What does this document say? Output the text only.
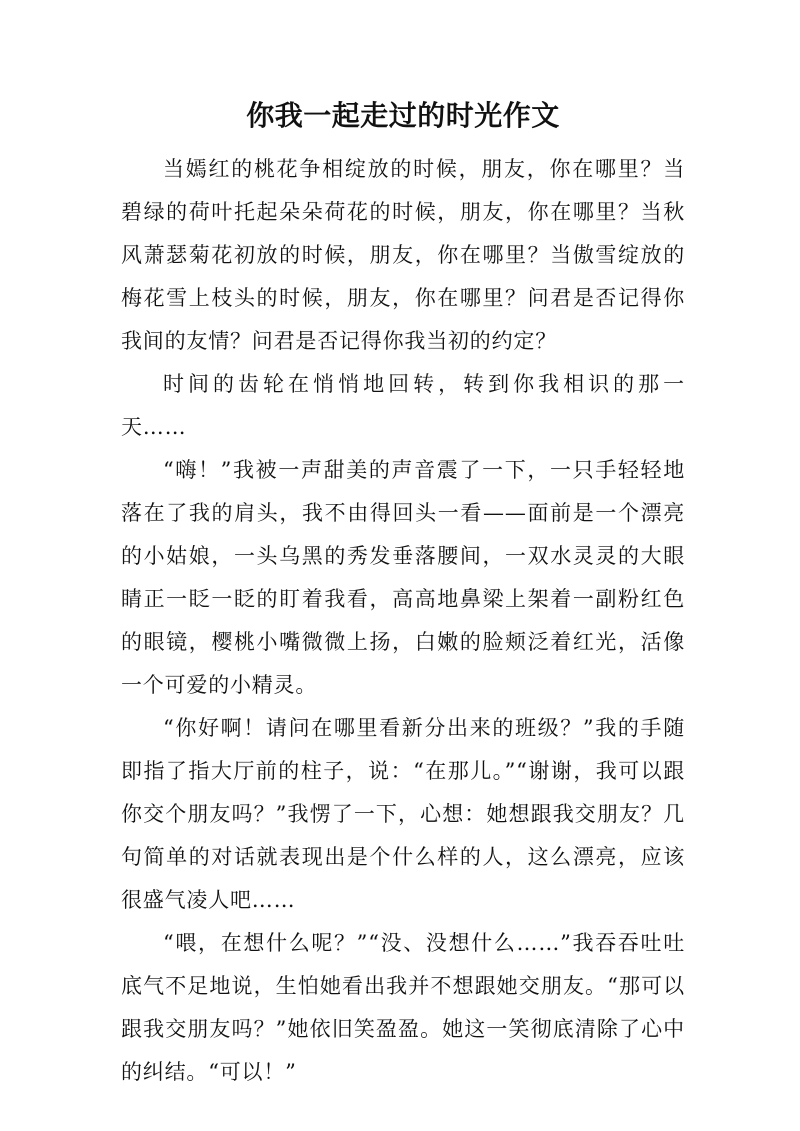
你我一起走过的时光作文

当嫣红的桃花争相绽放的时候，朋友，你在哪里？当碧绿的荷叶托起朵朵荷花的时候，朋友，你在哪里？当秋风萧瑟菊花初放的时候，朋友，你在哪里？当傲雪绽放的梅花雪上枝头的时候，朋友，你在哪里？问君是否记得你我间的友情？问君是否记得你我当初的约定？

时间的齿轮在悄悄地回转，转到你我相识的那一天……

“嗨！”我被一声甜美的声音震了一下，一只手轻轻地落在了我的肩头，我不由得回头一看——面前是一个漂亮的小姑娘，一头乌黑的秀发垂落腰间，一双水灵灵的大眼睛正一眨一眨的盯着我看，高高地鼻梁上架着一副粉红色的眼镜，樱桃小嘴微微上扬，白嫩的脸颊泛着红光，活像一个可爱的小精灵。

“你好啊！请问在哪里看新分出来的班级？”我的手随即指了指大厅前的柱子，说：“在那儿。”“谢谢，我可以跟你交个朋友吗？”我愣了一下，心想：她想跟我交朋友？几句简单的对话就表现出是个什么样的人，这么漂亮，应该很盛气凌人吧……

“喂，在想什么呢？”“没、没想什么……”我吞吞吐吐底气不足地说，生怕她看出我并不想跟她交朋友。“那可以跟我交朋友吗？”她依旧笑盈盈。她这一笑彻底清除了心中的纠结。“可以！”
